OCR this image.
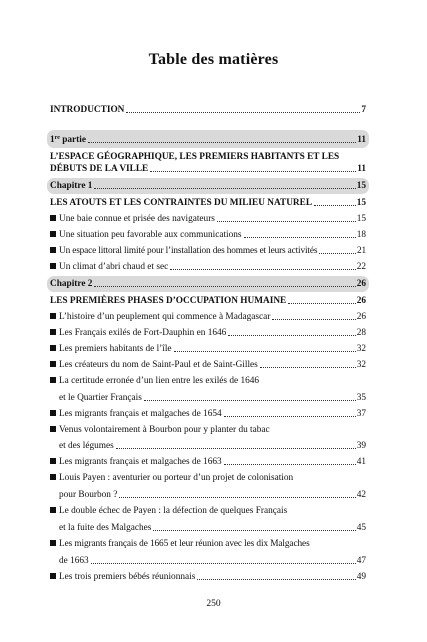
Table des matières
INTRODUCTION	7
1re partie	11
L’ESPACE GÉOGRAPHIQUE, LES PREMIERS HABITANTS ET LES
DÉBUTS DE LA VILLE	11
Chapitre 1	15
LES ATOUTS ET LES CONTRAINTES DU MILIEU NATUREL	15
Une baie connue et prisée des navigateurs	15
Une situation peu favorable aux communications	18
Un espace littoral limité pour l’installation des hommes et leurs activités	21
Un climat d’abri chaud et sec	22
Chapitre 2	26
LES PREMIÈRES PHASES D’OCCUPATION HUMAINE	26
L’histoire d’un peuplement qui commence à Madagascar	26
Les Français exilés de Fort-Dauphin en 1646	28
Les premiers habitants de l’île	32
Les créateurs du nom de Saint-Paul et de Saint-Gilles	32
La certitude erronée d’un lien entre les exilés de 1646
et le Quartier Français	35
Les migrants français et malgaches de 1654	37
Venus volontairement à Bourbon pour y planter du tabac
et des légumes	39
Les migrants français et malgaches de 1663	41
Louis Payen : aventurier ou porteur d’un projet de colonisation
pour Bourbon ?	42
Le double échec de Payen : la défection de quelques Français
et la fuite des Malgaches	45
Les migrants français de 1665 et leur réunion avec les dix Malgaches
de 1663	47
Les trois premiers bébés réunionnais	49
250
